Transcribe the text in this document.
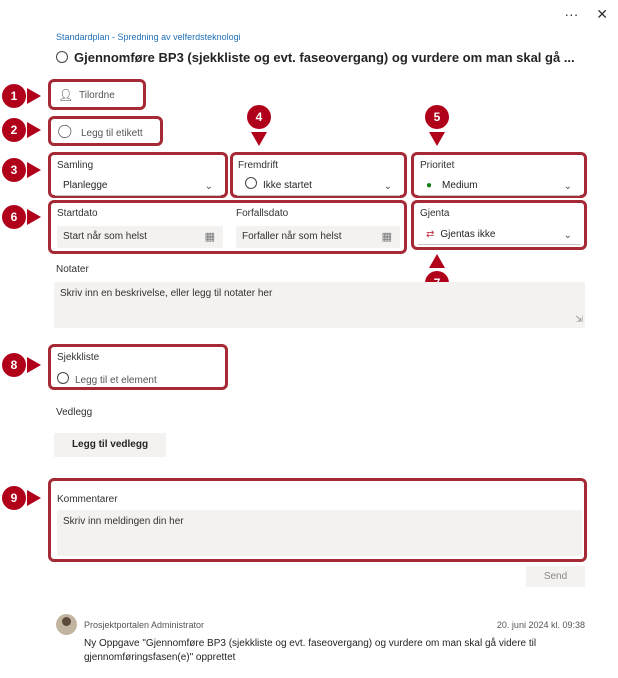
··· ✕
Standardplan - Spredning av velferdsteknologi
Gjennomføre BP3 (sjekkliste og evt. faseovergang) og vurdere om man skal gå ...
1	👤︎ Tilordne
2	◯ Legg til etikett
3	Samling
Planlegge	⌄
4
Fremdrift
Ikke startet	⌄
5
Prioritet
● Medium	⌄
6	Startdato
Start når som helst	▦
Forfallsdato
Forfaller når som helst	▦
Gjenta
⇄ Gjentas ikke	⌄
Notater
Skriv inn en beskrivelse, eller legg til notater her
⇲
8
Sjekkliste
Legg til et element
Vedlegg
Legg til vedlegg
9	Kommentarer
Skriv inn meldingen din her
Send
Prosjektportalen Administrator	20. juni 2024 kl. 09:38
Ny Oppgave "Gjennomføre BP3 (sjekkliste og evt. faseovergang) og vurdere om man skal gå videre til gjennomføringsfasen(e)" opprettet
